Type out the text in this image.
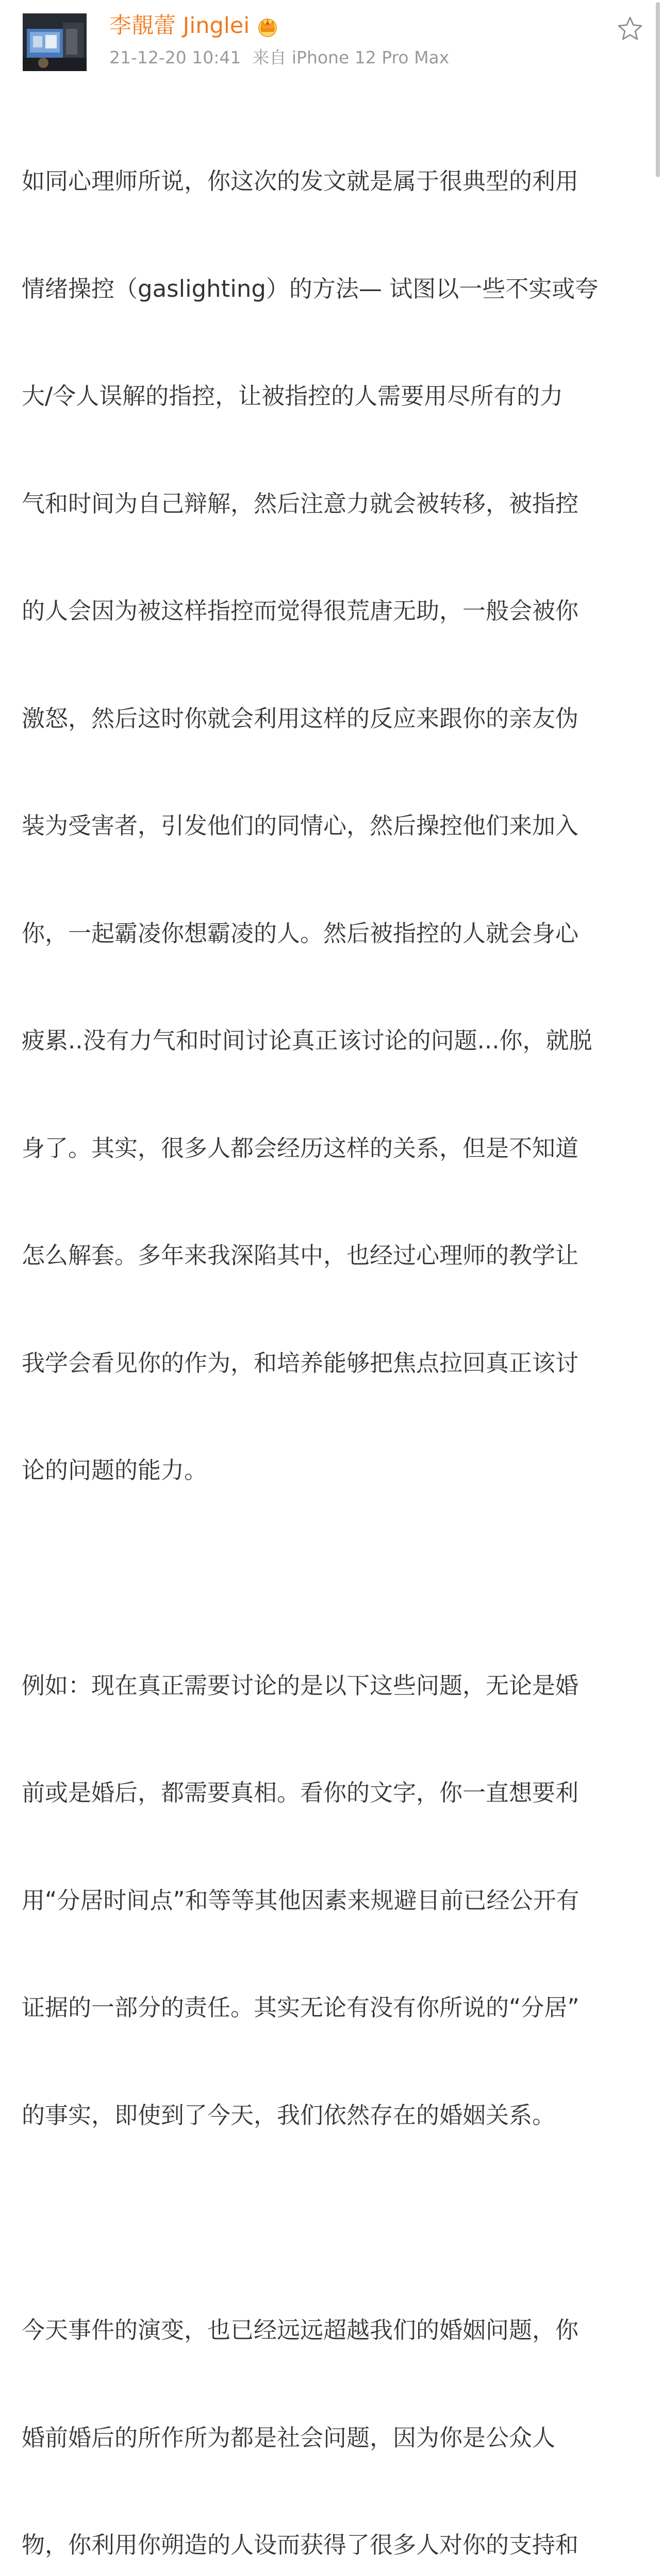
李靚蕾 Jinglei
21-12-20 10:41 来自 iPhone 12 Pro Max

如同心理师所说，你这次的发文就是属于很典型的利用

情绪操控（gaslighting）的方法— 试图以一些不实或夸

大/令人误解的指控，让被指控的人需要用尽所有的力

气和时间为自己辩解，然后注意力就会被转移，被指控

的人会因为被这样指控而觉得很荒唐无助，一般会被你

激怒，然后这时你就会利用这样的反应来跟你的亲友伪

装为受害者，引发他们的同情心，然后操控他们来加入

你，一起霸凌你想霸凌的人。然后被指控的人就会身心

疲累..没有力气和时间讨论真正该讨论的问题...你，就脱

身了。其实，很多人都会经历这样的关系，但是不知道

怎么解套。多年来我深陷其中，也经过心理师的教学让

我学会看见你的作为，和培养能够把焦点拉回真正该讨

论的问题的能力。

例如：现在真正需要讨论的是以下这些问题，无论是婚

前或是婚后，都需要真相。看你的文字，你一直想要利

用“分居时间点”和等等其他因素来规避目前已经公开有

证据的一部分的责任。其实无论有没有你所说的“分居”

的事实，即使到了今天，我们依然存在的婚姻关系。

今天事件的演变，也已经远远超越我们的婚姻问题，你

婚前婚后的所作所为都是社会问题，因为你是公众人

物，你利用你朔造的人设而获得了很多人对你的支持和
